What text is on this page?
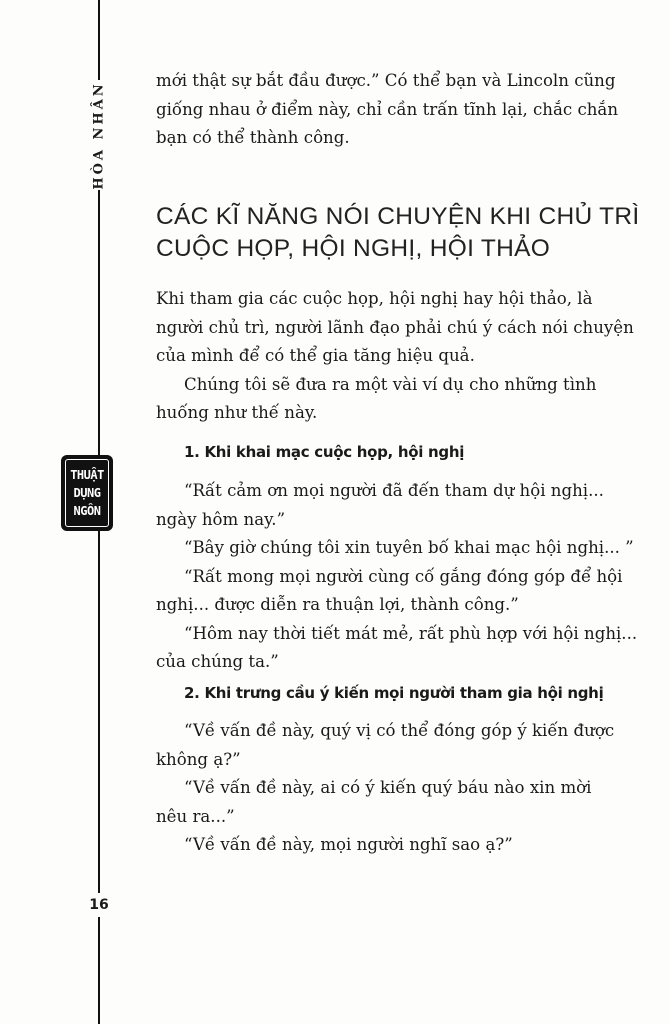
HÒA NHÂN
THUẬT
DỤNG
NGÔN
16
mới thật sự bắt đầu được.” Có thể bạn và Lincoln cũng
giống nhau ở điểm này, chỉ cần trấn tĩnh lại, chắc chắn
bạn có thể thành công.
CÁC KĨ NĂNG NÓI CHUYỆN KHI CHỦ TRÌ
CUỘC HỌP, HỘI NGHỊ, HỘI THẢO
Khi tham gia các cuộc họp, hội nghị hay hội thảo, là
người chủ trì, người lãnh đạo phải chú ý cách nói chuyện
của mình để có thể gia tăng hiệu quả.
Chúng tôi sẽ đưa ra một vài ví dụ cho những tình
huống như thế này.
1. Khi khai mạc cuộc họp, hội nghị
“Rất cảm ơn mọi người đã đến tham dự hội nghị...
ngày hôm nay.”
“Bây giờ chúng tôi xin tuyên bố khai mạc hội nghị... ”
“Rất mong mọi người cùng cố gắng đóng góp để hội
nghị... được diễn ra thuận lợi, thành công.”
“Hôm nay thời tiết mát mẻ, rất phù hợp với hội nghị...
của chúng ta.”
2. Khi trưng cầu ý kiến mọi người tham gia hội nghị
“Về vấn đề này, quý vị có thể đóng góp ý kiến được
không ạ?”
“Về vấn đề này, ai có ý kiến quý báu nào xin mời
nêu ra...”
“Về vấn đề này, mọi người nghĩ sao ạ?”
